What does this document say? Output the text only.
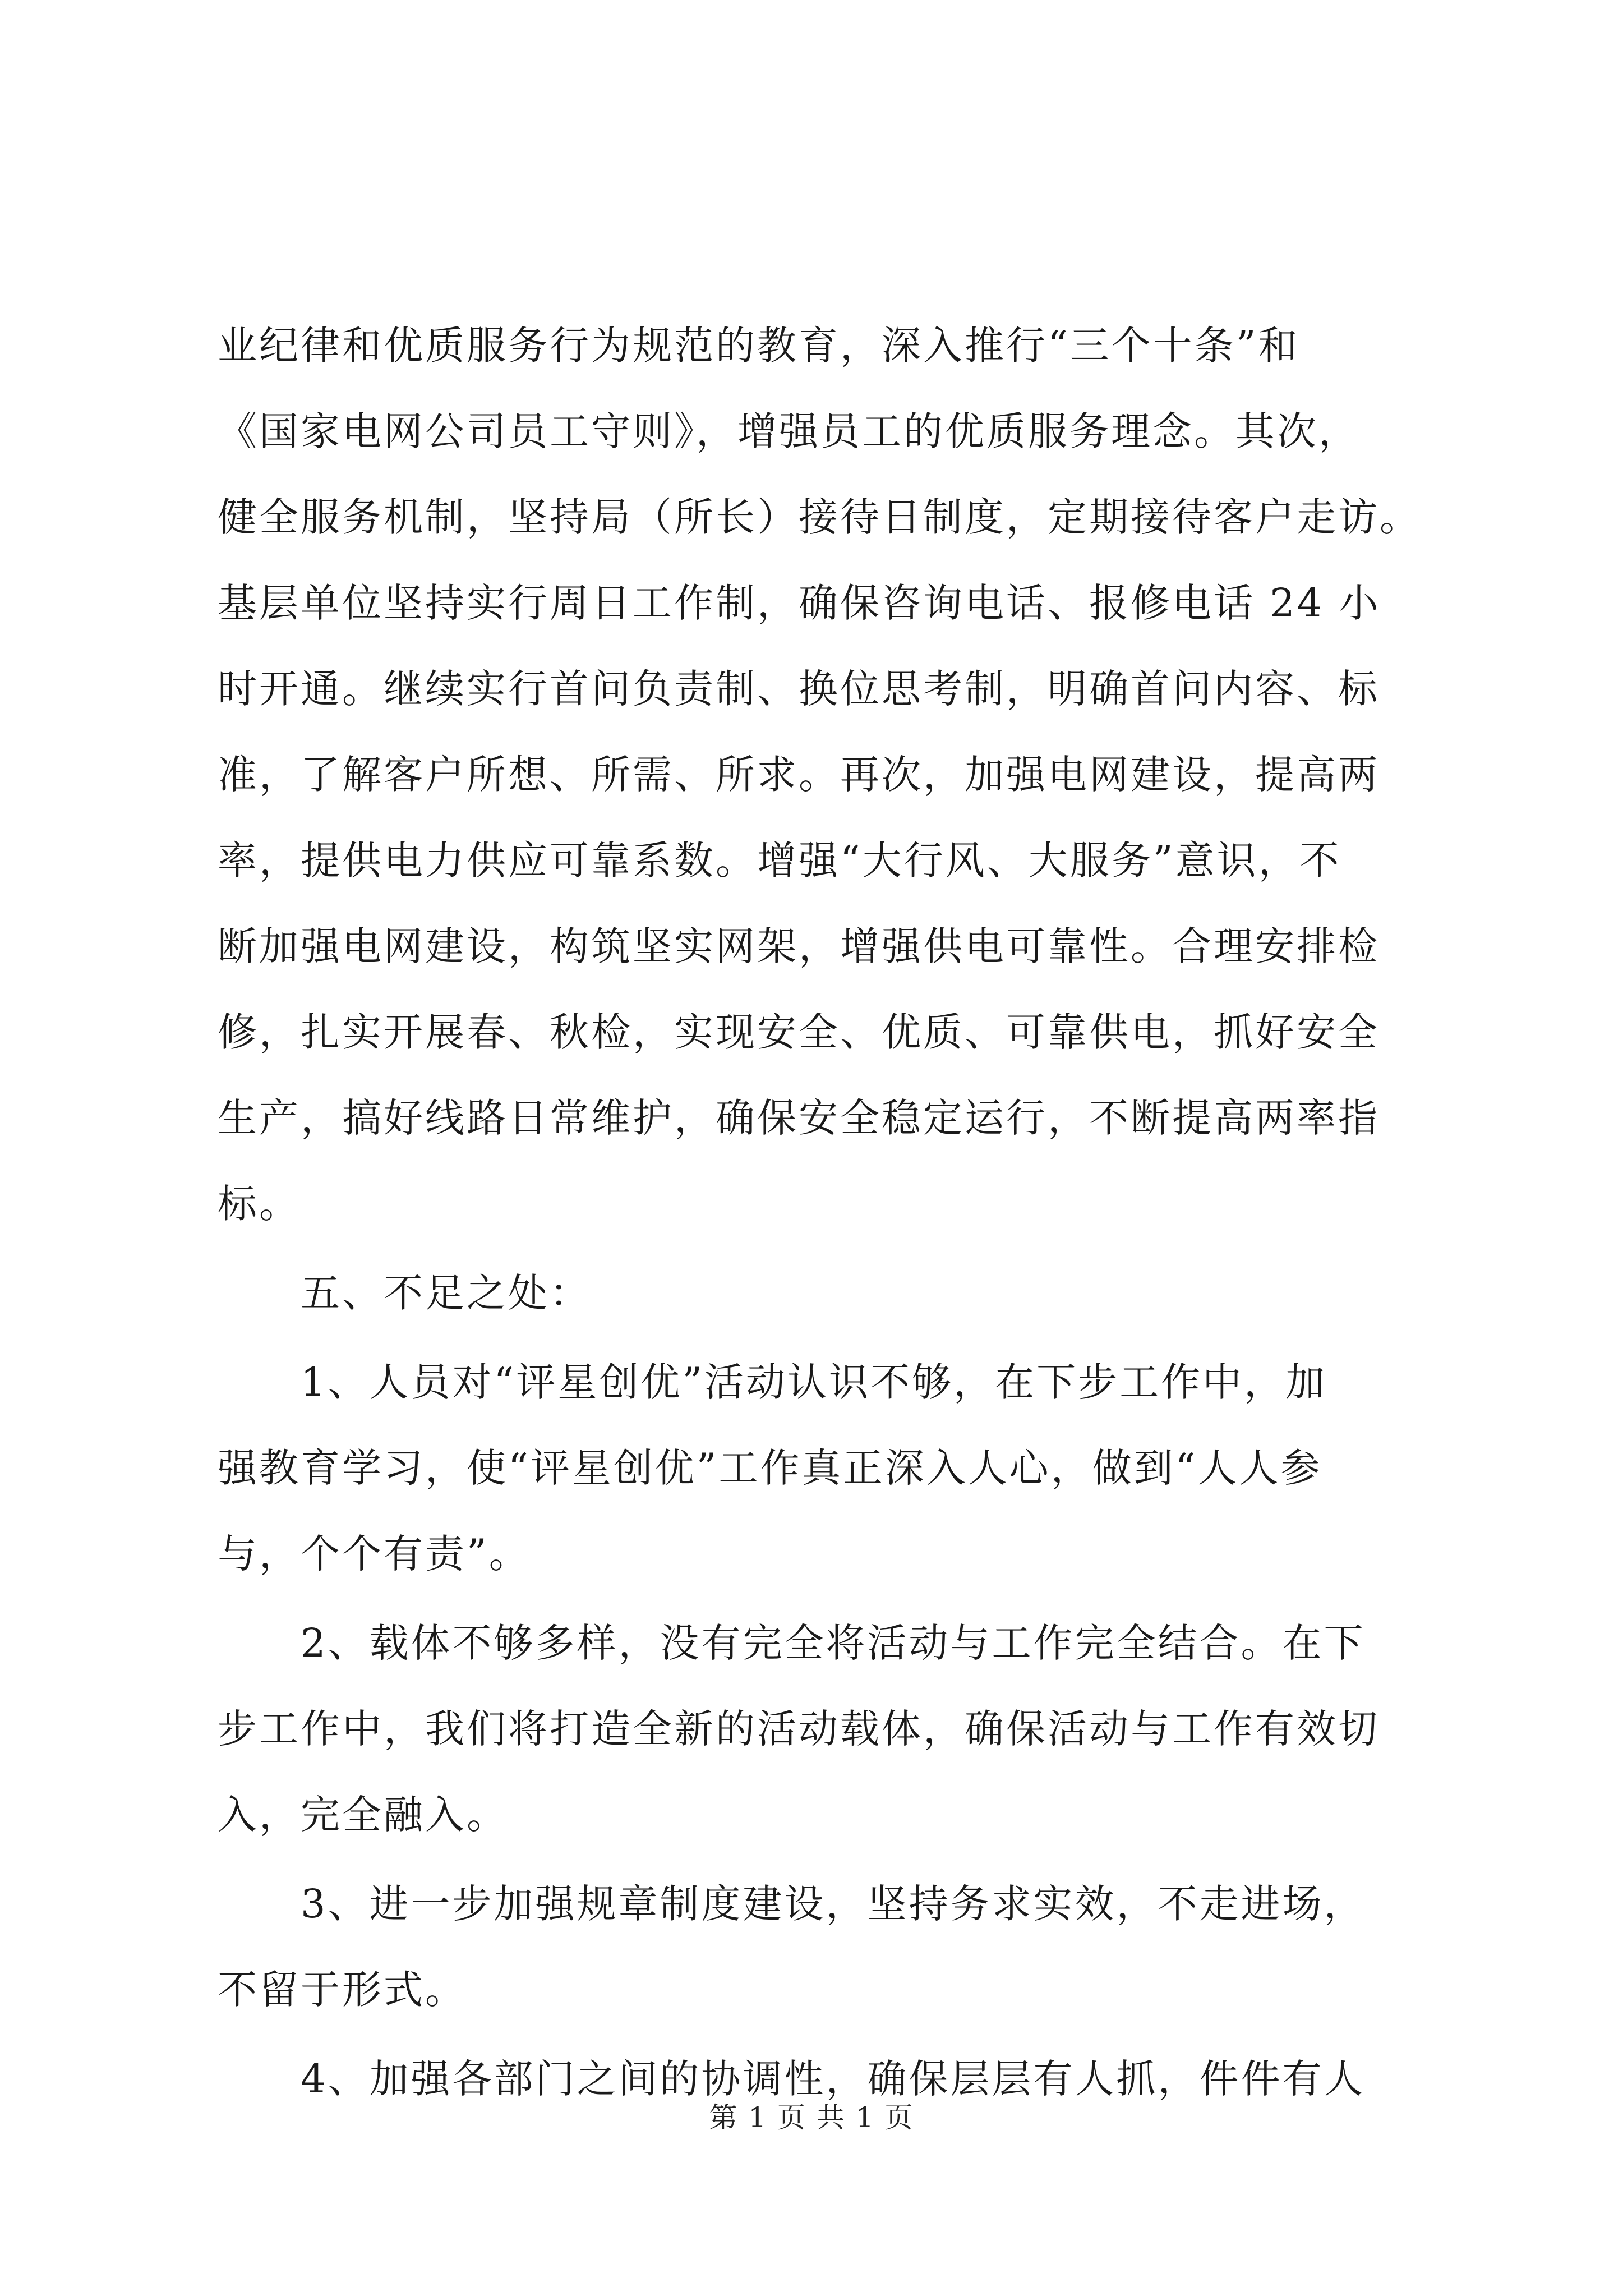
业纪律和优质服务行为规范的教育，深入推行“三个十条”和
《国家电网公司员工守则》，增强员工的优质服务理念。其次，
健全服务机制，坚持局（所长）接待日制度，定期接待客户走访。
基层单位坚持实行周日工作制，确保咨询电话、报修电话 24 小
时开通。继续实行首问负责制、换位思考制，明确首问内容、标
准，了解客户所想、所需、所求。再次，加强电网建设，提高两
率，提供电力供应可靠系数。增强“大行风、大服务”意识，不
断加强电网建设，构筑坚实网架，增强供电可靠性。合理安排检
修，扎实开展春、秋检，实现安全、优质、可靠供电，抓好安全
生产，搞好线路日常维护，确保安全稳定运行，不断提高两率指
标。
五、不足之处：
1、人员对“评星创优”活动认识不够，在下步工作中，加
强教育学习，使“评星创优”工作真正深入人心，做到“人人参
与，个个有责”。
2、载体不够多样，没有完全将活动与工作完全结合。在下
步工作中，我们将打造全新的活动载体，确保活动与工作有效切
入，完全融入。
3、进一步加强规章制度建设，坚持务求实效，不走进场，
不留于形式。
4、加强各部门之间的协调性，确保层层有人抓，件件有人
第 1 页 共 1 页
